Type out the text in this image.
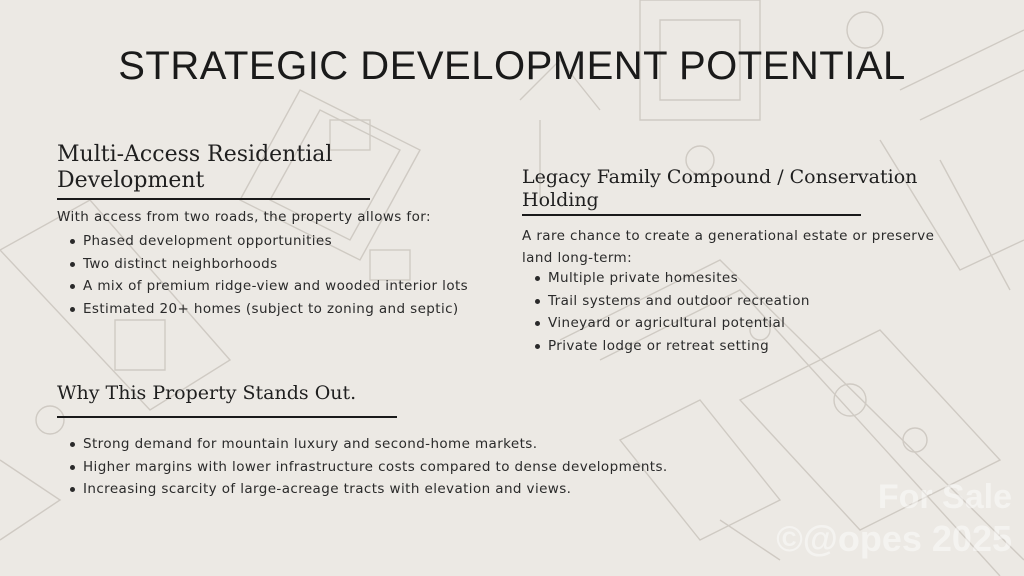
STRATEGIC DEVELOPMENT POTENTIAL
Multi-Access Residential
Development
With access from two roads, the property allows for:
Phased development opportunities
Two distinct neighborhoods
A mix of premium ridge-view and wooded interior lots
Estimated 20+ homes (subject to zoning and septic)
Legacy Family Compound / Conservation
Holding
A rare chance to create a generational estate or preserve
land long-term:
Multiple private homesites
Trail systems and outdoor recreation
Vineyard or agricultural potential
Private lodge or retreat setting
Why This Property Stands Out.
Strong demand for mountain luxury and second-home markets.
Higher margins with lower infrastructure costs compared to dense developments.
Increasing scarcity of large-acreage tracts with elevation and views.	For Sale
©@opes 2025
